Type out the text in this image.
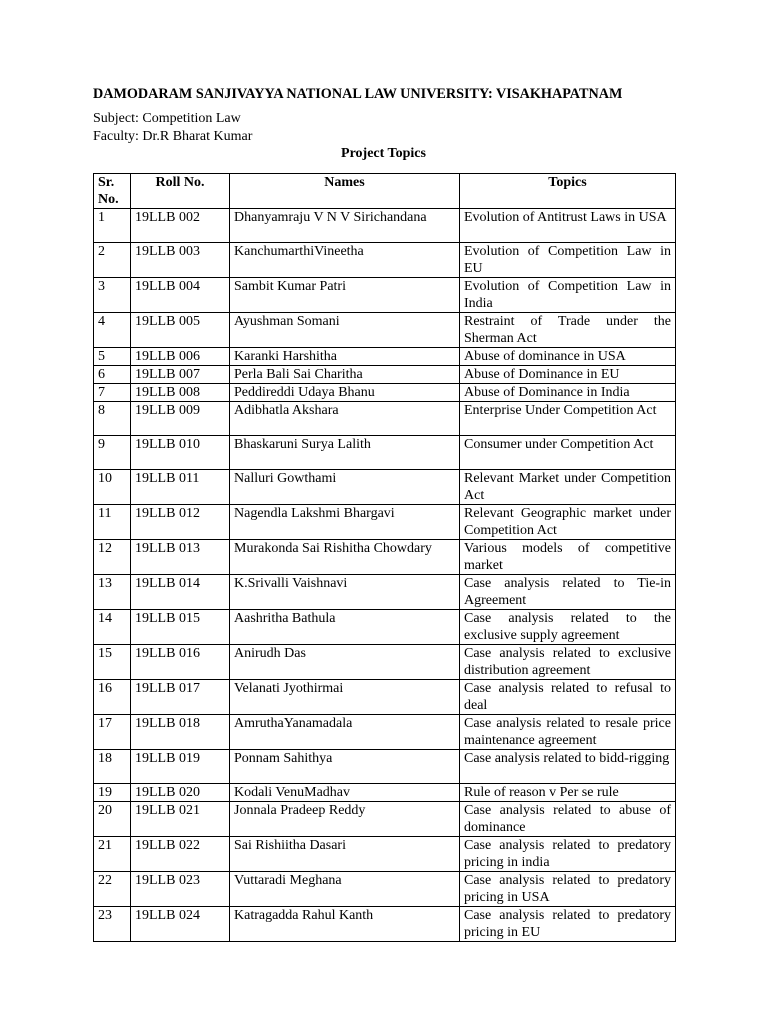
DAMODARAM SANJIVAYYA NATIONAL LAW UNIVERSITY: VISAKHAPATNAM
Subject: Competition Law
Faculty: Dr.R Bharat Kumar
Project Topics
Sr. No.	Roll No.	Names	Topics
1	19LLB 002	Dhanyamraju V N V Sirichandana	Evolution of Antitrust Laws in USA
2	19LLB 003	KanchumarthiVineetha	Evolution of Competition Law in EU
3	19LLB 004	Sambit Kumar Patri	Evolution of Competition Law in India
4	19LLB 005	Ayushman Somani	Restraint of Trade under the Sherman Act
5	19LLB 006	Karanki Harshitha	Abuse of dominance in USA
6	19LLB 007	Perla Bali Sai Charitha	Abuse of Dominance in EU
7	19LLB 008	Peddireddi Udaya Bhanu	Abuse of Dominance in India
8	19LLB 009	Adibhatla Akshara	Enterprise Under Competition Act
9	19LLB 010	Bhaskaruni Surya Lalith	Consumer under Competition Act
10	19LLB 011	Nalluri Gowthami	Relevant Market under Competition Act
11	19LLB 012	Nagendla Lakshmi Bhargavi	Relevant Geographic market under Competition Act
12	19LLB 013	Murakonda Sai Rishitha Chowdary	Various models of competitive market
13	19LLB 014	K.Srivalli Vaishnavi	Case analysis related to Tie-in Agreement
14	19LLB 015	Aashritha Bathula	Case analysis related to the exclusive supply agreement
15	19LLB 016	Anirudh Das	Case analysis related to exclusive distribution agreement
16	19LLB 017	Velanati Jyothirmai	Case analysis related to refusal to deal
17	19LLB 018	AmruthaYanamadala	Case analysis related to resale price maintenance agreement
18	19LLB 019	Ponnam Sahithya	Case analysis related to bidd-rigging
19	19LLB 020	Kodali VenuMadhav	Rule of reason v Per se rule
20	19LLB 021	Jonnala Pradeep Reddy	Case analysis related to abuse of dominance
21	19LLB 022	Sai Rishiitha Dasari	Case analysis related to predatory pricing in india
22	19LLB 023	Vuttaradi Meghana	Case analysis related to predatory pricing in USA
23	19LLB 024	Katragadda Rahul Kanth	Case analysis related to predatory pricing in EU
